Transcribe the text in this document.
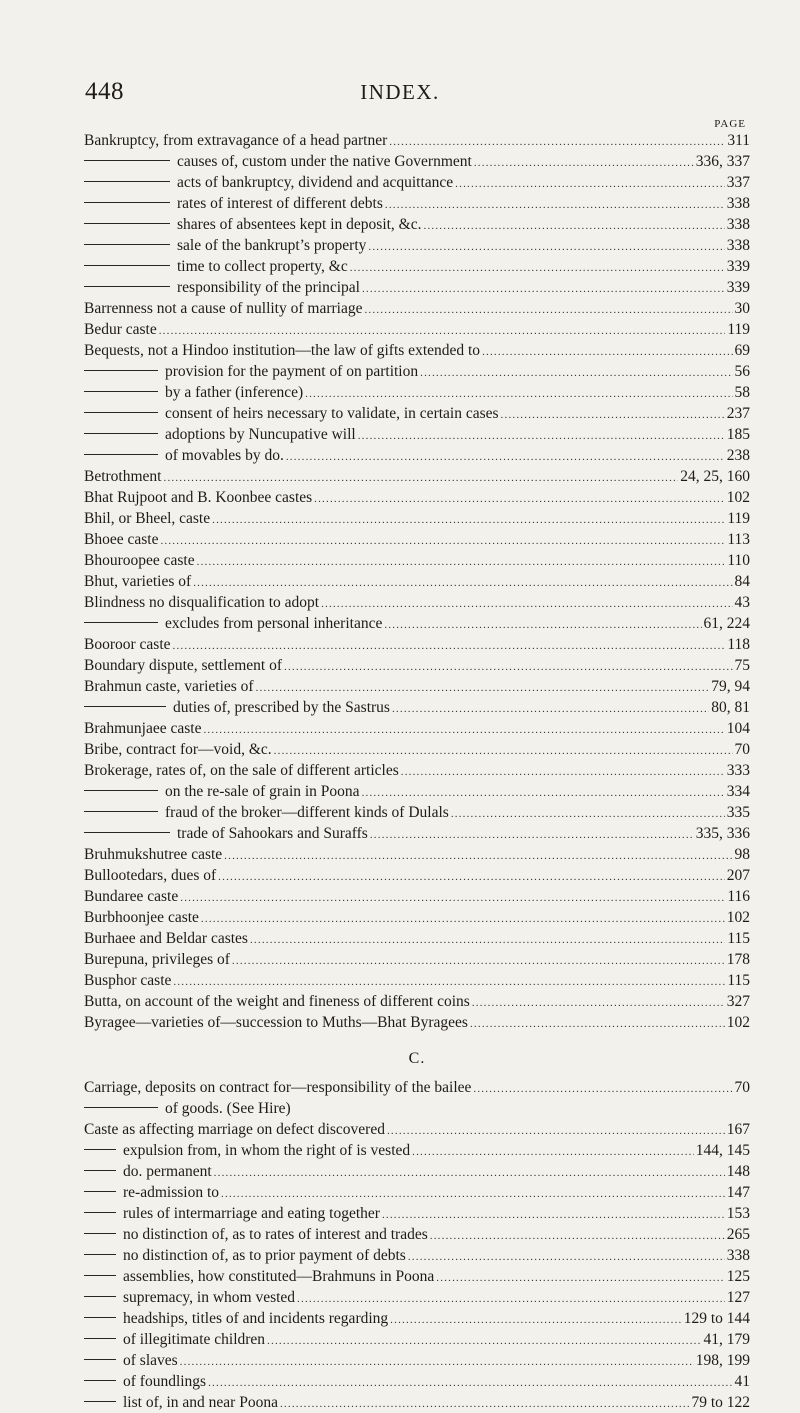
448	INDEX.
PAGE
Bankruptcy, from extravagance of a head partner .....	311
causes of, custom under the native Government .....	336, 337
acts of bankruptcy, dividend and acquittance .....	337
rates of interest of different debts .....	338
shares of absentees kept in deposit, &c. .....	338
sale of the bankrupt’s property .....	338
time to collect property, &c .....	339
responsibility of the principal .....	339
Barrenness not a cause of nullity of marriage .....	30
Bedur caste .....	119
Bequests, not a Hindoo institution—the law of gifts extended to .....	69
provision for the payment of on partition .....	56
by a father (inference) .....	58
consent of heirs necessary to validate, in certain cases .....	237
adoptions by Nuncupative will .....	185
of movables by do. .....	238
Betrothment .....	24, 25, 160
Bhat Rujpoot and B. Koonbee castes .....	102
Bhil, or Bheel, caste .....	119
Bhoee caste .....	113
Bhouroopee caste .....	110
Bhut, varieties of .....	84
Blindness no disqualification to adopt .....	43
excludes from personal inheritance .....	61, 224
Booroor caste .....	118
Boundary dispute, settlement of .....	75
Brahmun caste, varieties of .....	79, 94
duties of, prescribed by the Sastrus .....	80, 81
Brahmunjaee caste .....	104
Bribe, contract for—void, &c. .....	70
Brokerage, rates of, on the sale of different articles .....	333
on the re-sale of grain in Poona .....	334
fraud of the broker—different kinds of Dulals .....	335
trade of Sahookars and Suraffs .....	335, 336
Bruhmukshutree caste .....	98
Bullootedars, dues of .....	207
Bundaree caste .....	116
Burbhoonjee caste .....	102
Burhaee and Beldar castes .....	115
Burepuna, privileges of .....	178
Busphor caste .....	115
Butta, on account of the weight and fineness of different coins .....	327
Byragee—varieties of—succession to Muths—Bhat Byragees .....	102
C.
Carriage, deposits on contract for—responsibility of the bailee .....	70
of goods. (See Hire)
Caste as affecting marriage on defect discovered .....	167
expulsion from, in whom the right of is vested .....	144, 145
do. permanent .....	148
re-admission to .....	147
rules of intermarriage and eating together .....	153
no distinction of, as to rates of interest and trades .....	265
no distinction of, as to prior payment of debts .....	338
assemblies, how constituted—Brahmuns in Poona .....	125
supremacy, in whom vested .....	127
headships, titles of and incidents regarding .....	129 to 144
of illegitimate children .....	41, 179
of slaves .....	198, 199
of foundlings .....	41
list of, in and near Poona .....	79 to 122
